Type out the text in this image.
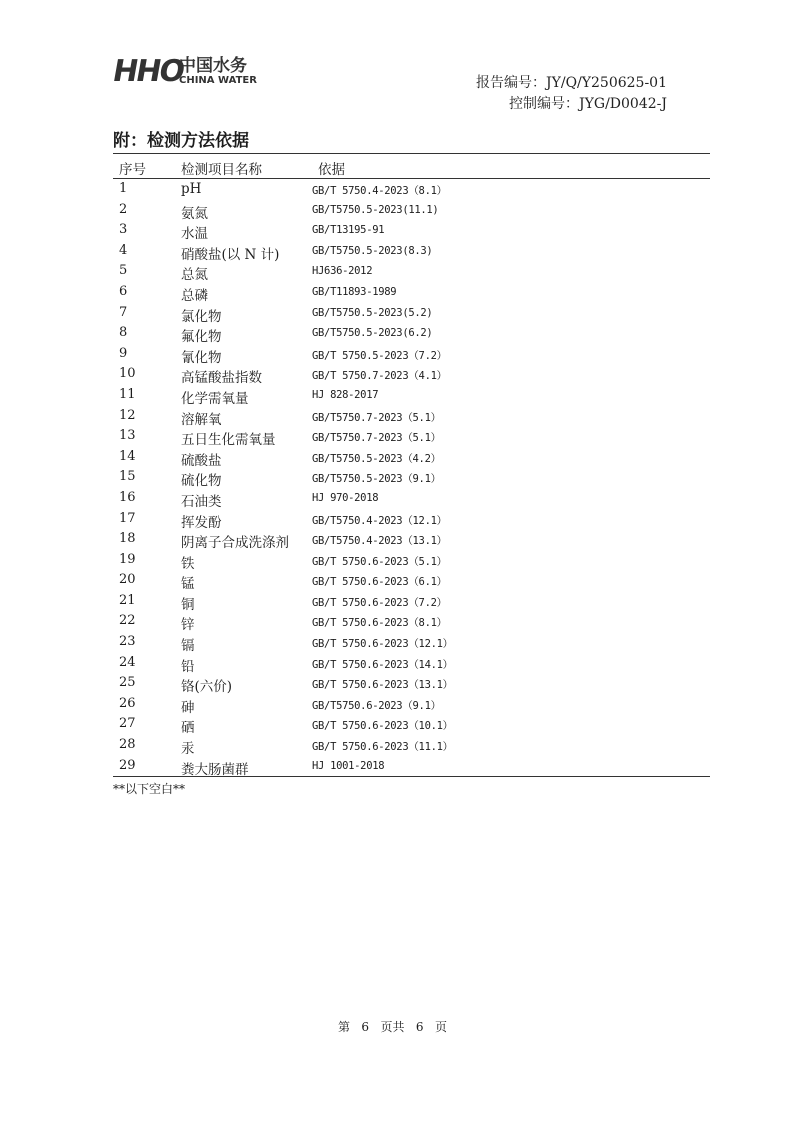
HHO
中国水务
CHINA WATER	报告编号：JY/Q/Y250625-01
控制编号：JYG/D0042-J
附：检测方法依据
序号	检测项目名称	依据
1	pH	GB/T 5750.4-2023（8.1）
2	氨氮	GB/T5750.5-2023(11.1)
3	水温	GB/T13195-91
4	硝酸盐(以 N 计)	GB/T5750.5-2023(8.3)
5	总氮	HJ636-2012
6	总磷	GB/T11893-1989
7	氯化物	GB/T5750.5-2023(5.2)
8	氟化物	GB/T5750.5-2023(6.2)
9	氰化物	GB/T 5750.5-2023（7.2）
10	高锰酸盐指数	GB/T 5750.7-2023（4.1）
11	化学需氧量	HJ 828-2017
12	溶解氧	GB/T5750.7-2023（5.1）
13	五日生化需氧量	GB/T5750.7-2023（5.1）
14	硫酸盐	GB/T5750.5-2023（4.2）
15	硫化物	GB/T5750.5-2023（9.1）
16	石油类	HJ 970-2018
17	挥发酚	GB/T5750.4-2023（12.1）
18	阴离子合成洗涤剂 GB/T5750.4-2023（13.1）
19	铁	GB/T 5750.6-2023（5.1）
20	锰	GB/T 5750.6-2023（6.1）
21	铜	GB/T 5750.6-2023（7.2）
22	锌	GB/T 5750.6-2023（8.1）
23	镉	GB/T 5750.6-2023（12.1）
24	铅	GB/T 5750.6-2023（14.1）
25	铬(六价)	GB/T 5750.6-2023（13.1）
26	砷	GB/T5750.6-2023（9.1）
27	硒	GB/T 5750.6-2023（10.1）
28	汞	GB/T 5750.6-2023（11.1）
29	粪大肠菌群	HJ 1001-2018
**以下空白**
第   6   页共   6   页
